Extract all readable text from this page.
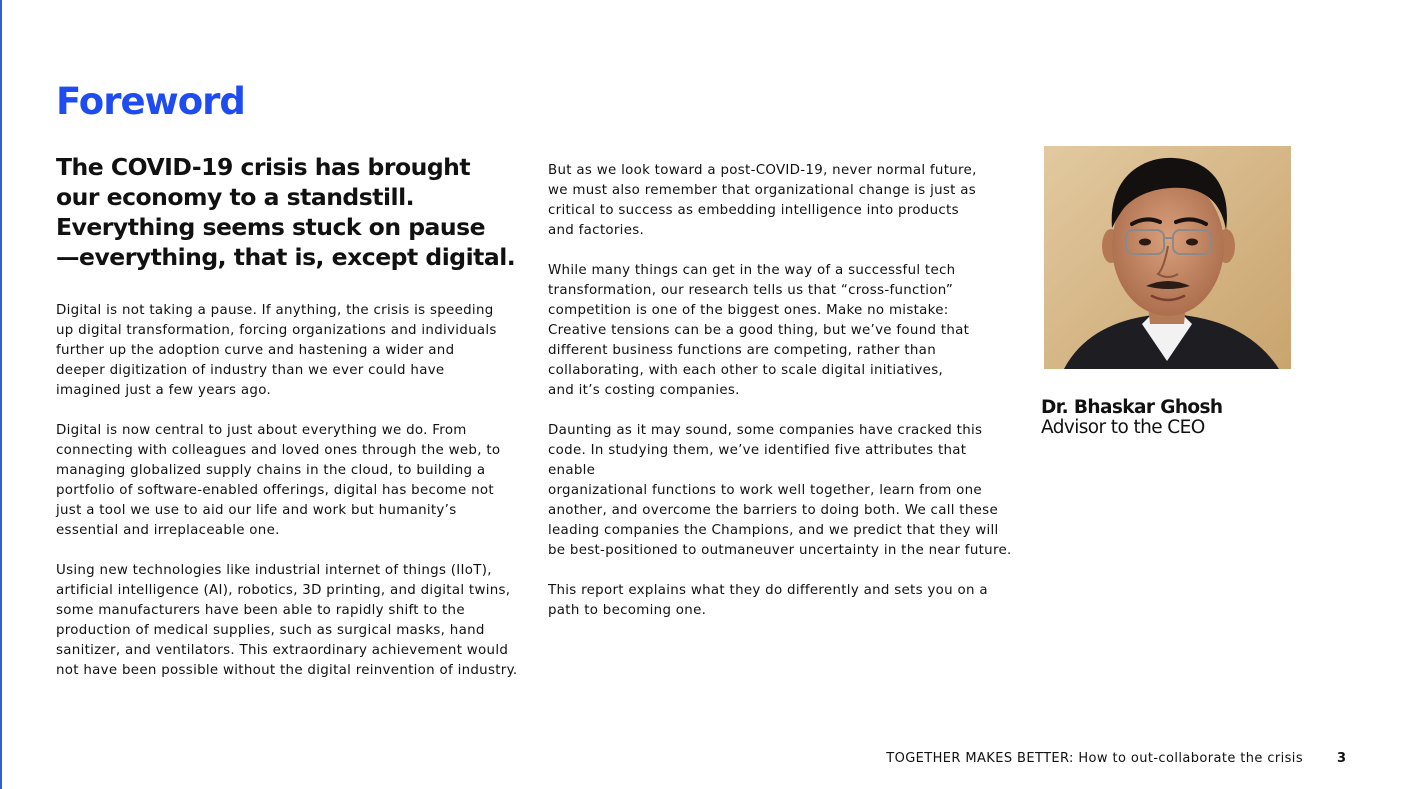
Foreword
The COVID-19 crisis has brought
our economy to a standstill.
Everything seems stuck on pause
—everything, that is, except digital.

Digital is not taking a pause. If anything, the crisis is speeding
up digital transformation, forcing organizations and individuals
further up the adoption curve and hastening a wider and
deeper digitization of industry than we ever could have
imagined just a few years ago.

Digital is now central to just about everything we do. From
connecting with colleagues and loved ones through the web, to
managing globalized supply chains in the cloud, to building a
portfolio of software-enabled offerings, digital has become not
just a tool we use to aid our life and work but humanity’s
essential and irreplaceable one.

Using new technologies like industrial internet of things (IIoT),
artificial intelligence (AI), robotics, 3D printing, and digital twins,
some manufacturers have been able to rapidly shift to the
production of medical supplies, such as surgical masks, hand
sanitizer, and ventilators. This extraordinary achievement would
not have been possible without the digital reinvention of industry.

But as we look toward a post-COVID-19, never normal future,
we must also remember that organizational change is just as
critical to success as embedding intelligence into products
and factories.

While many things can get in the way of a successful tech
transformation, our research tells us that “cross-function”
competition is one of the biggest ones. Make no mistake:
Creative tensions can be a good thing, but we’ve found that
different business functions are competing, rather than
collaborating, with each other to scale digital initiatives,
and it’s costing companies.

Daunting as it may sound, some companies have cracked this
code. In studying them, we’ve identified five attributes that enable
organizational functions to work well together, learn from one
another, and overcome the barriers to doing both. We call these
leading companies the Champions, and we predict that they will
be best-positioned to outmaneuver uncertainty in the near future.

This report explains what they do differently and sets you on a
path to becoming one.

Dr. Bhaskar Ghosh

Advisor to the CEO

TOGETHER MAKES BETTER: How to out-collaborate the crisis	3
